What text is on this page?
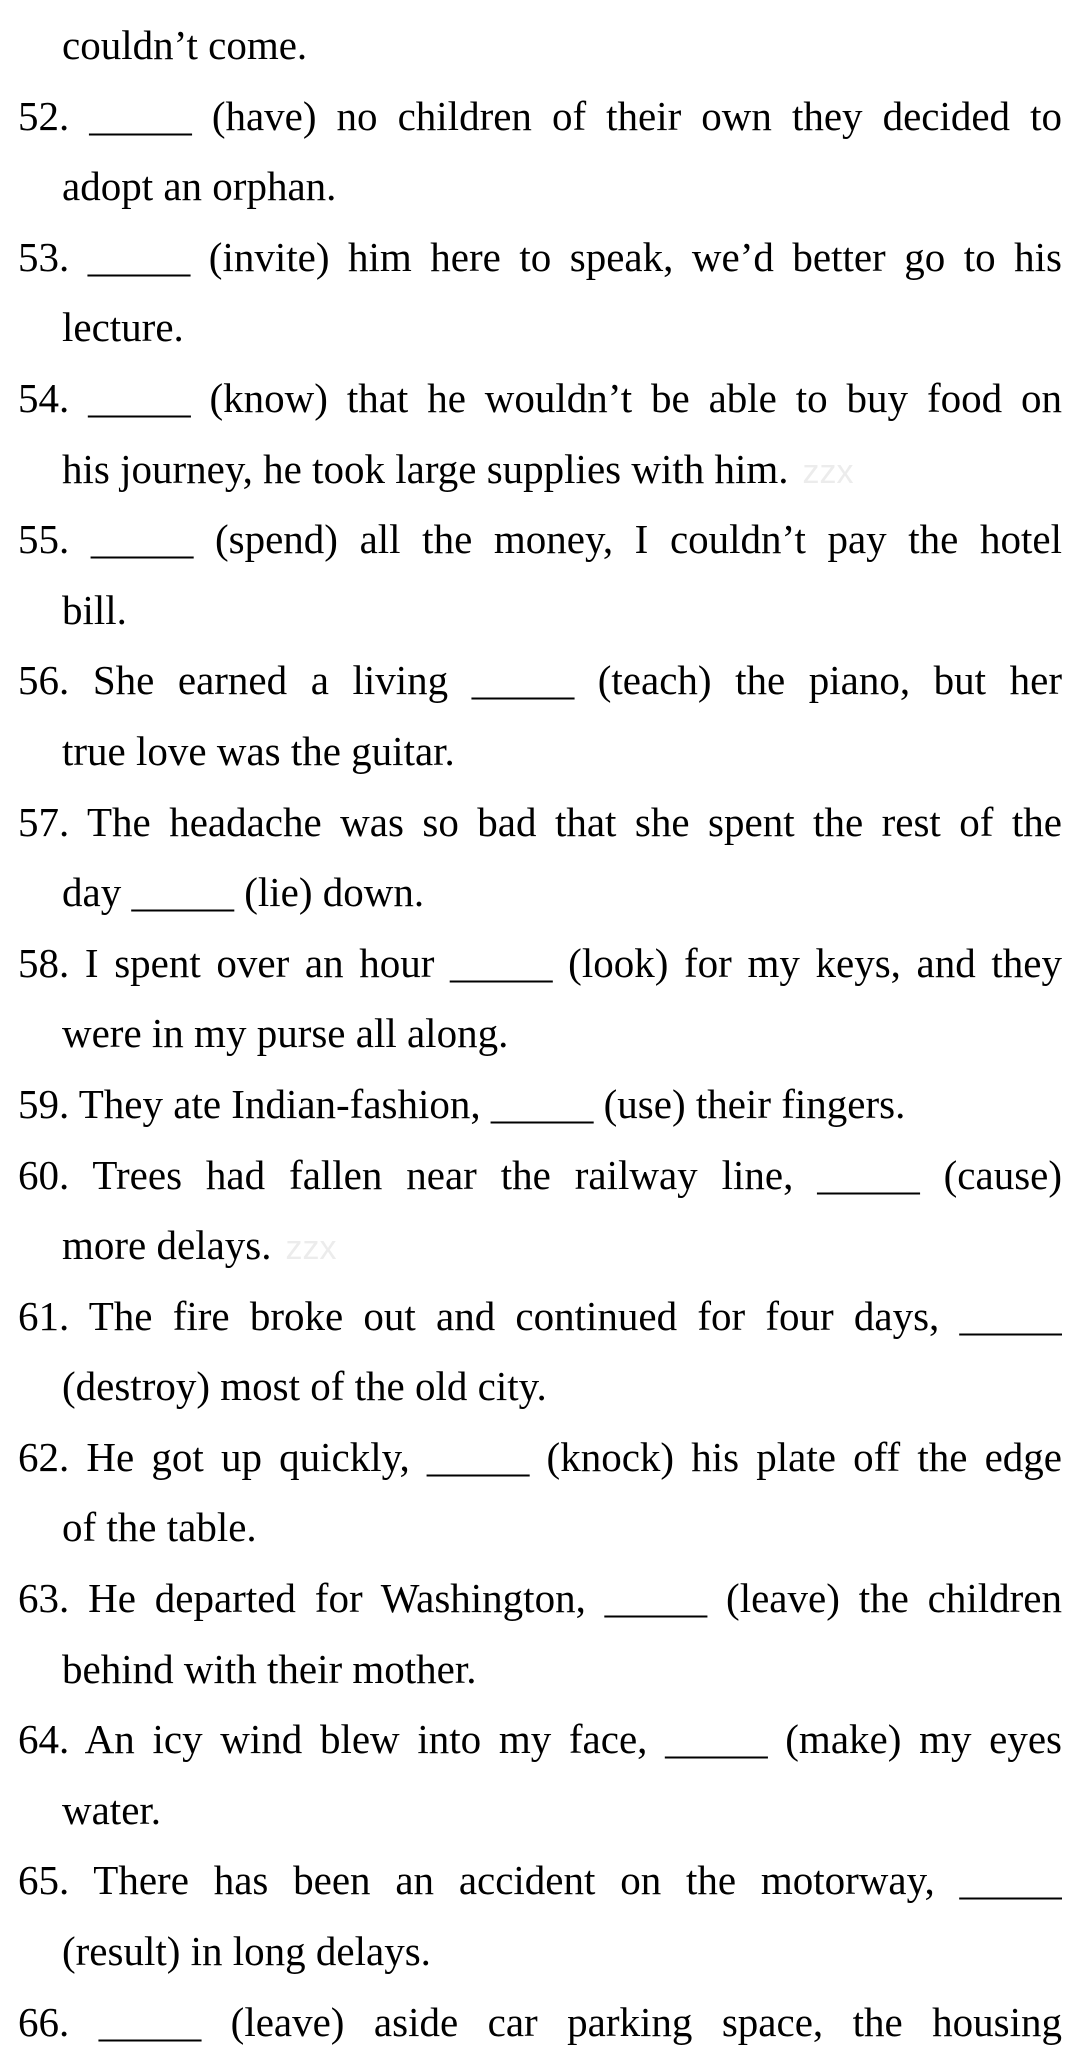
couldn’t come.
52. _____ (have) no children of their own they decided to
adopt an orphan.
53. _____ (invite) him here to speak, we’d better go to his
lecture.
54. _____ (know) that he wouldn’t be able to buy food on
his journey, he took large supplies with him. zzx
55. _____ (spend) all the money, I couldn’t pay the hotel
bill.
56. She earned a living _____ (teach) the piano, but her
true love was the guitar.
57. The headache was so bad that she spent the rest of the
day _____ (lie) down.
58. I spent over an hour _____ (look) for my keys, and they
were in my purse all along.
59. They ate Indian-fashion, _____ (use) their fingers.
60. Trees had fallen near the railway line, _____ (cause)
more delays. zzx
61. The fire broke out and continued for four days, _____
(destroy) most of the old city.
62. He got up quickly, _____ (knock) his plate off the edge
of the table.
63. He departed for Washington, _____ (leave) the children
behind with their mother.
64. An icy wind blew into my face, _____ (make) my eyes
water.
65. There has been an accident on the motorway, _____
(result) in long delays.
66. _____ (leave) aside car parking space, the housing
